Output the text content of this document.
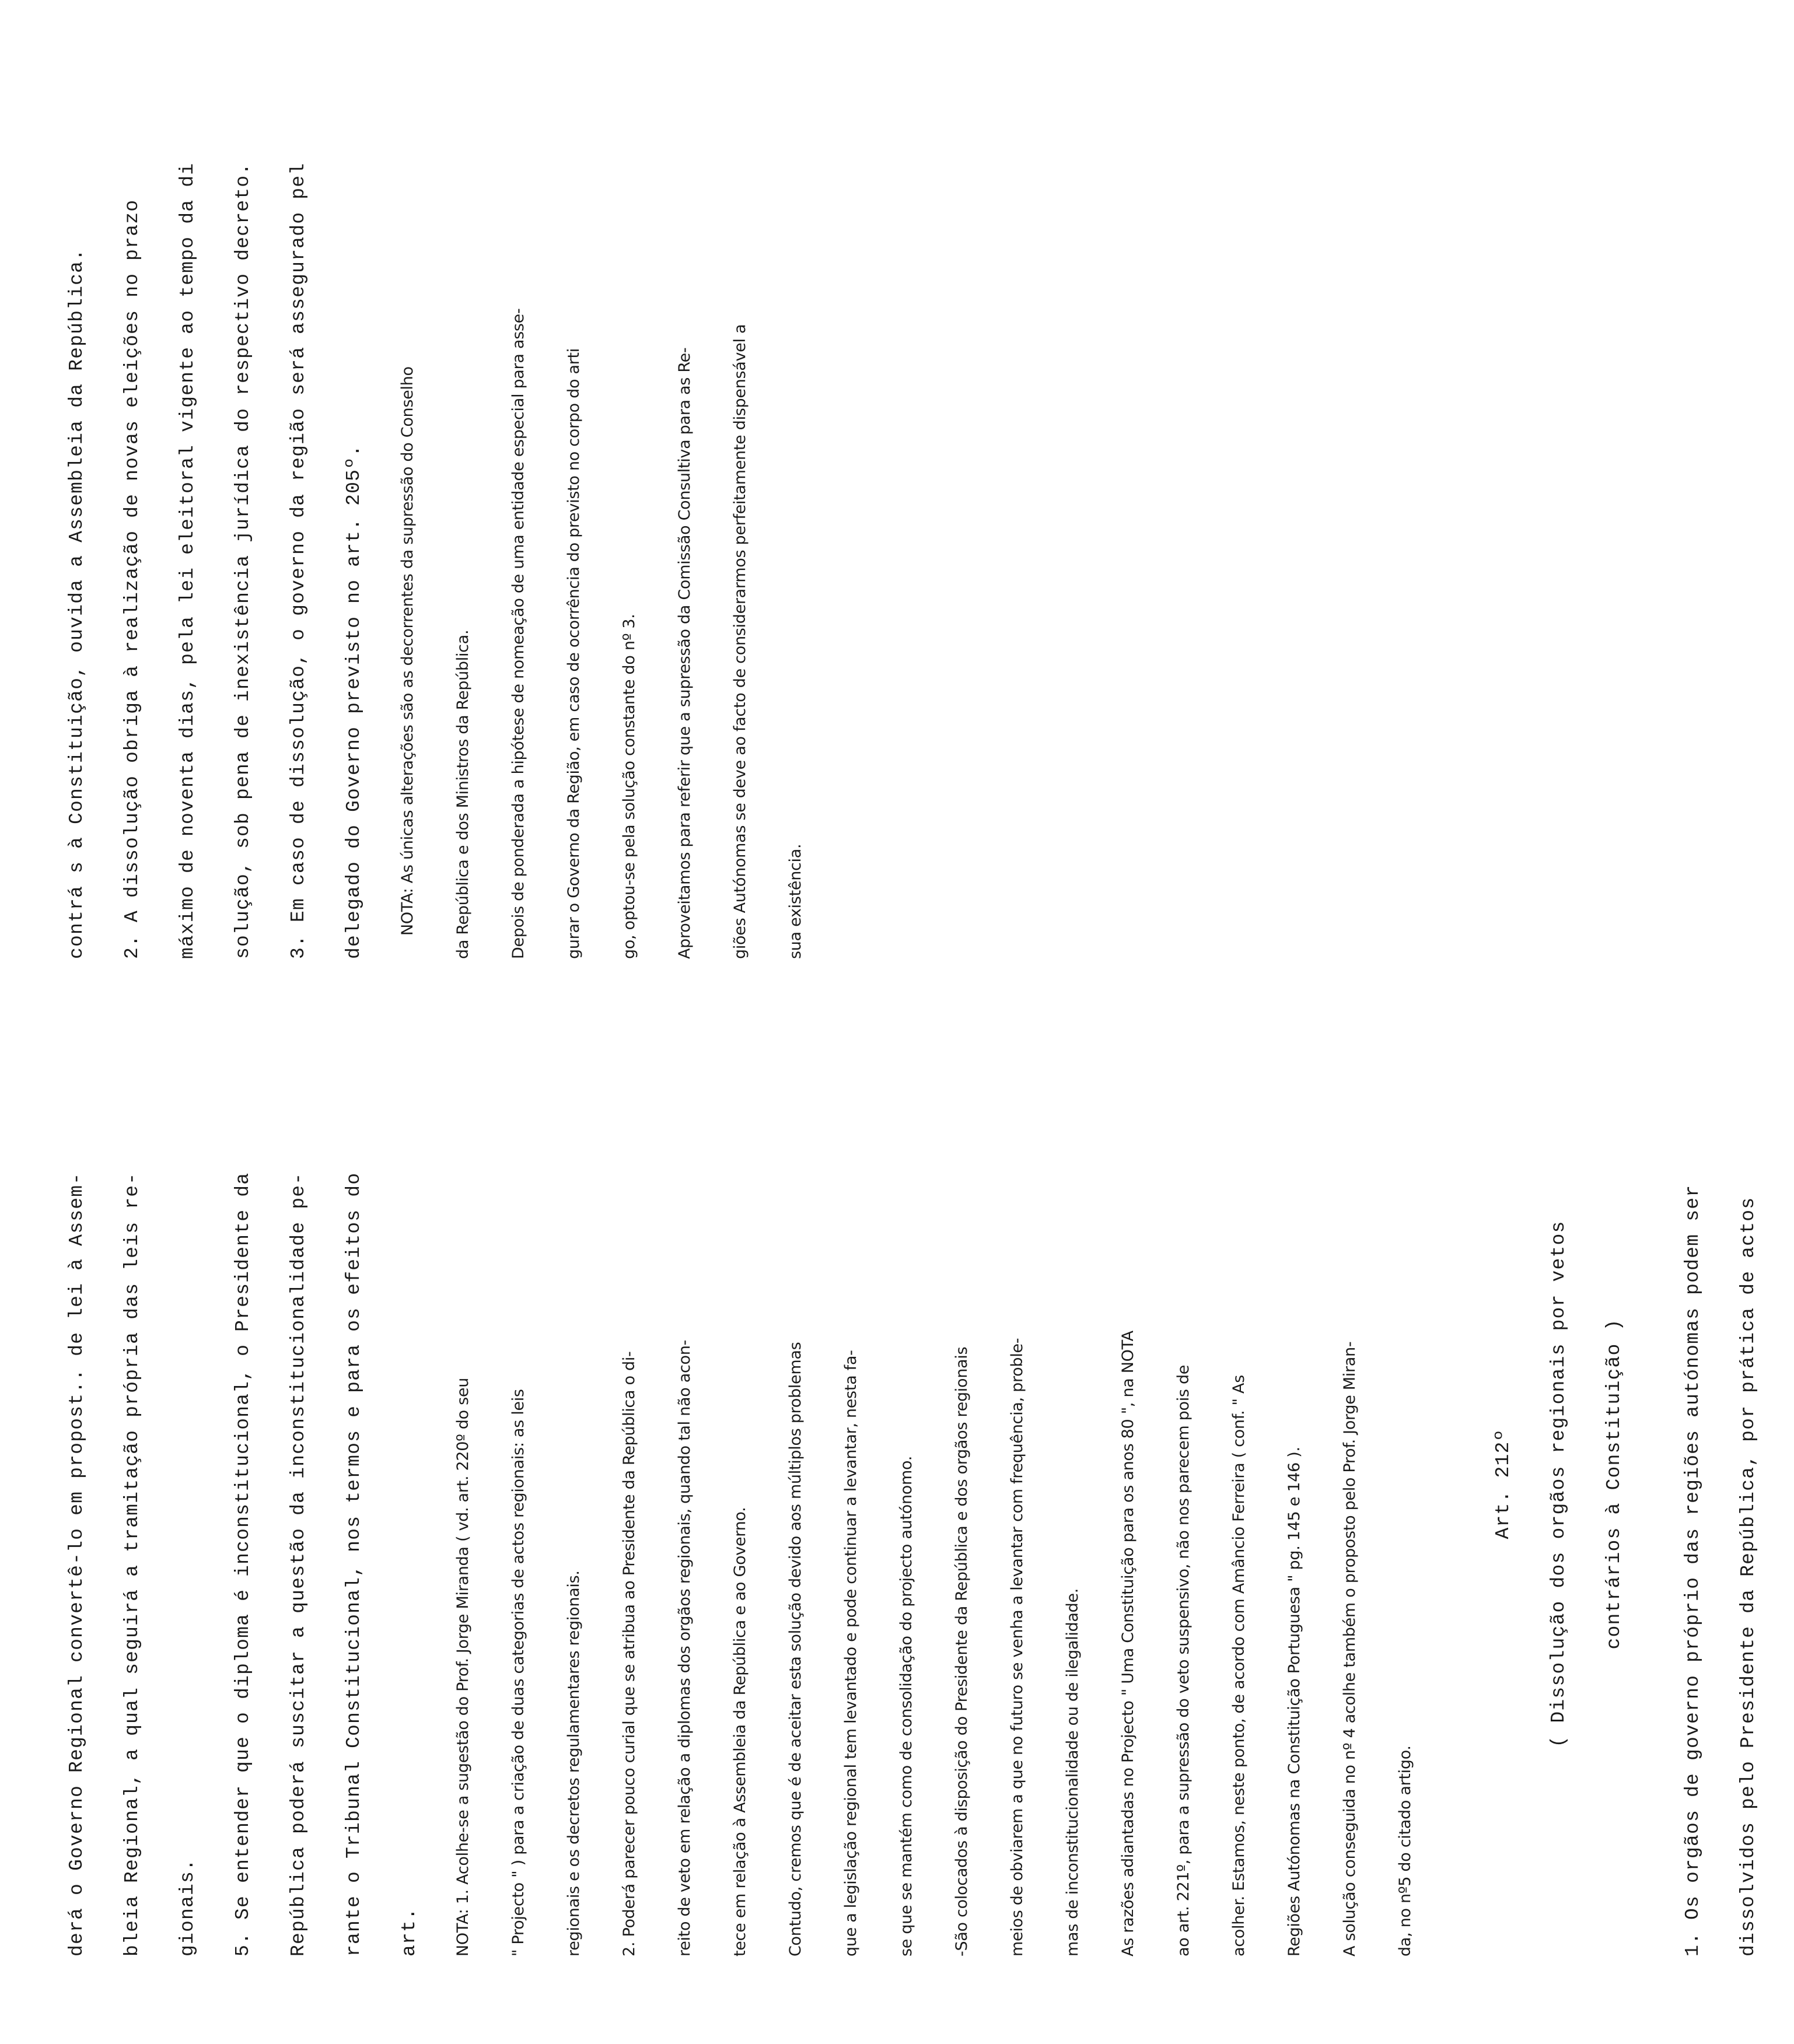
derá o Governo Regional convertê-lo em propost.. de lei à Assem-	bleia Regional, a qual seguirá a tramitação própria das leis re-	gionais.	5. Se entender que o diploma é inconstitucional, o Presidente da	República poderá suscitar a questão da inconstitucionalidade pe-	rante o Tribunal Constitucional, nos termos e para os efeitos do	art.	NOTA: 1. Acolhe-se a sugestão do Prof. Jorge Miranda ( vd. art. 220º do seu	" Projecto " ) para a criação de duas categorias de actos regionais: as leis	regionais e os decretos regulamentares regionais.	2. Poderá parecer pouco curial que se atribua ao Presidente da República o di-	reito de veto em relação a diplomas dos orgãos regionais, quando tal não acon-	tece em relação à Assembleia da República e ao Governo.	Contudo, cremos que é de aceitar esta solução devido aos múltiplos problemas	que a legislação regional tem levantado e pode continuar a levantar, nesta fa-	se que se mantém como de consolidação do projecto autónomo.	-São colocados à disposição do Presidente da República e dos orgãos regionais	meios de obviarem a que no futuro se venha a levantar com frequência, proble-	mas de inconstitucionalidade ou de ilegalidade.	As razões adiantadas no Projecto " Uma Constituição para os anos 80 ", na NOTA	ao art. 221º, para a supressão do veto suspensivo, não nos parecem pois de	acolher. Estamos, neste ponto, de acordo com Amâncio Ferreira ( conf. " As	Regiões Autónomas na Constituição Portuguesa " pg. 145 e 146 ).	A solução conseguida no nº 4 acolhe também o proposto pelo Prof. Jorge Miran-	da, no nº5 do citado artigo.

Art. 212º	( Dissolução dos orgãos regionais por vetos	contrários à Constituição )	1. Os orgãos de governo próprio das regiões autónomas podem ser	dissolvidos pelo Presidente da República, por prática de actos

contrá s à Constituição, ouvida a Assembleia da República.	2. A dissolução obriga à realização de novas eleições no prazo	máximo de noventa dias, pela lei eleitoral vigente ao tempo da di	solução, sob pena de inexistência jurídica do respectivo decreto.	3. Em caso de dissolução, o governo da região será assegurado pel	delegado do Governo previsto no art. 205º.	NOTA: As únicas alterações são as decorrentes da supressão do Conselho	da República e dos Ministros da República.	Depois de ponderada a hipótese de nomeação de uma entidade especial para asse-	gurar o Governo da Região, em caso de ocorrência do previsto no corpo do arti	go, optou-se pela solução constante do nº 3.	Aproveitamos para referir que a supressão da Comissão Consultiva para as Re-	giões Autónomas se deve ao facto de considerarmos perfeitamente dispensável a	sua existência.
